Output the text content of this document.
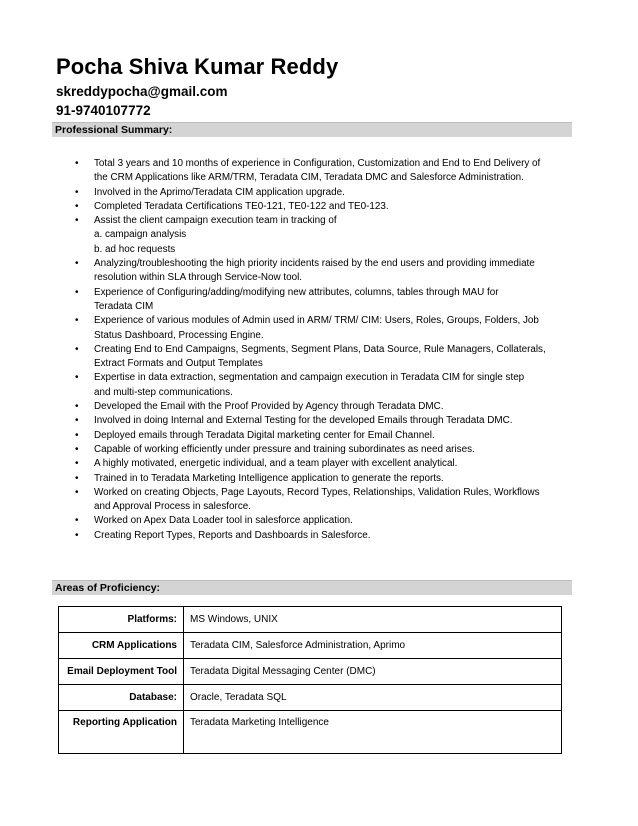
Pocha Shiva Kumar Reddy
skreddypocha@gmail.com
91-9740107772
Professional Summary:
• Total 3 years and 10 months of experience in Configuration, Customization and End to End Delivery of
the CRM Applications like ARM/TRM, Teradata CIM, Teradata DMC and Salesforce Administration.
• Involved in the Aprimo/Teradata CIM application upgrade.
• Completed Teradata Certifications TE0-121, TE0-122 and TE0-123.
• Assist the client campaign execution team in tracking of
a. campaign analysis
b. ad hoc requests
• Analyzing/troubleshooting the high priority incidents raised by the end users and providing immediate
resolution within SLA through Service-Now tool.
• Experience of Configuring/adding/modifying new attributes, columns, tables through MAU for
Teradata CIM
• Experience of various modules of Admin used in ARM/ TRM/ CIM: Users, Roles, Groups, Folders, Job
Status Dashboard, Processing Engine.
• Creating End to End Campaigns, Segments, Segment Plans, Data Source, Rule Managers, Collaterals,
Extract Formats and Output Templates
• Expertise in data extraction, segmentation and campaign execution in Teradata CIM for single step
and multi-step communications.
• Developed the Email with the Proof Provided by Agency through Teradata DMC.
• Involved in doing Internal and External Testing for the developed Emails through Teradata DMC.
• Deployed emails through Teradata Digital marketing center for Email Channel.
• Capable of working efficiently under pressure and training subordinates as need arises.
• A highly motivated, energetic individual, and a team player with excellent analytical.
• Trained in to Teradata Marketing Intelligence application to generate the reports.
• Worked on creating Objects, Page Layouts, Record Types, Relationships, Validation Rules, Workflows
and Approval Process in salesforce.
• Worked on Apex Data Loader tool in salesforce application.
• Creating Report Types, Reports and Dashboards in Salesforce.
Areas of Proficiency:
Platforms:	MS Windows, UNIX
CRM Applications	Teradata CIM, Salesforce Administration, Aprimo
Email Deployment Tool	Teradata Digital Messaging Center (DMC)
Database:	Oracle, Teradata SQL
Reporting Application	Teradata Marketing Intelligence
